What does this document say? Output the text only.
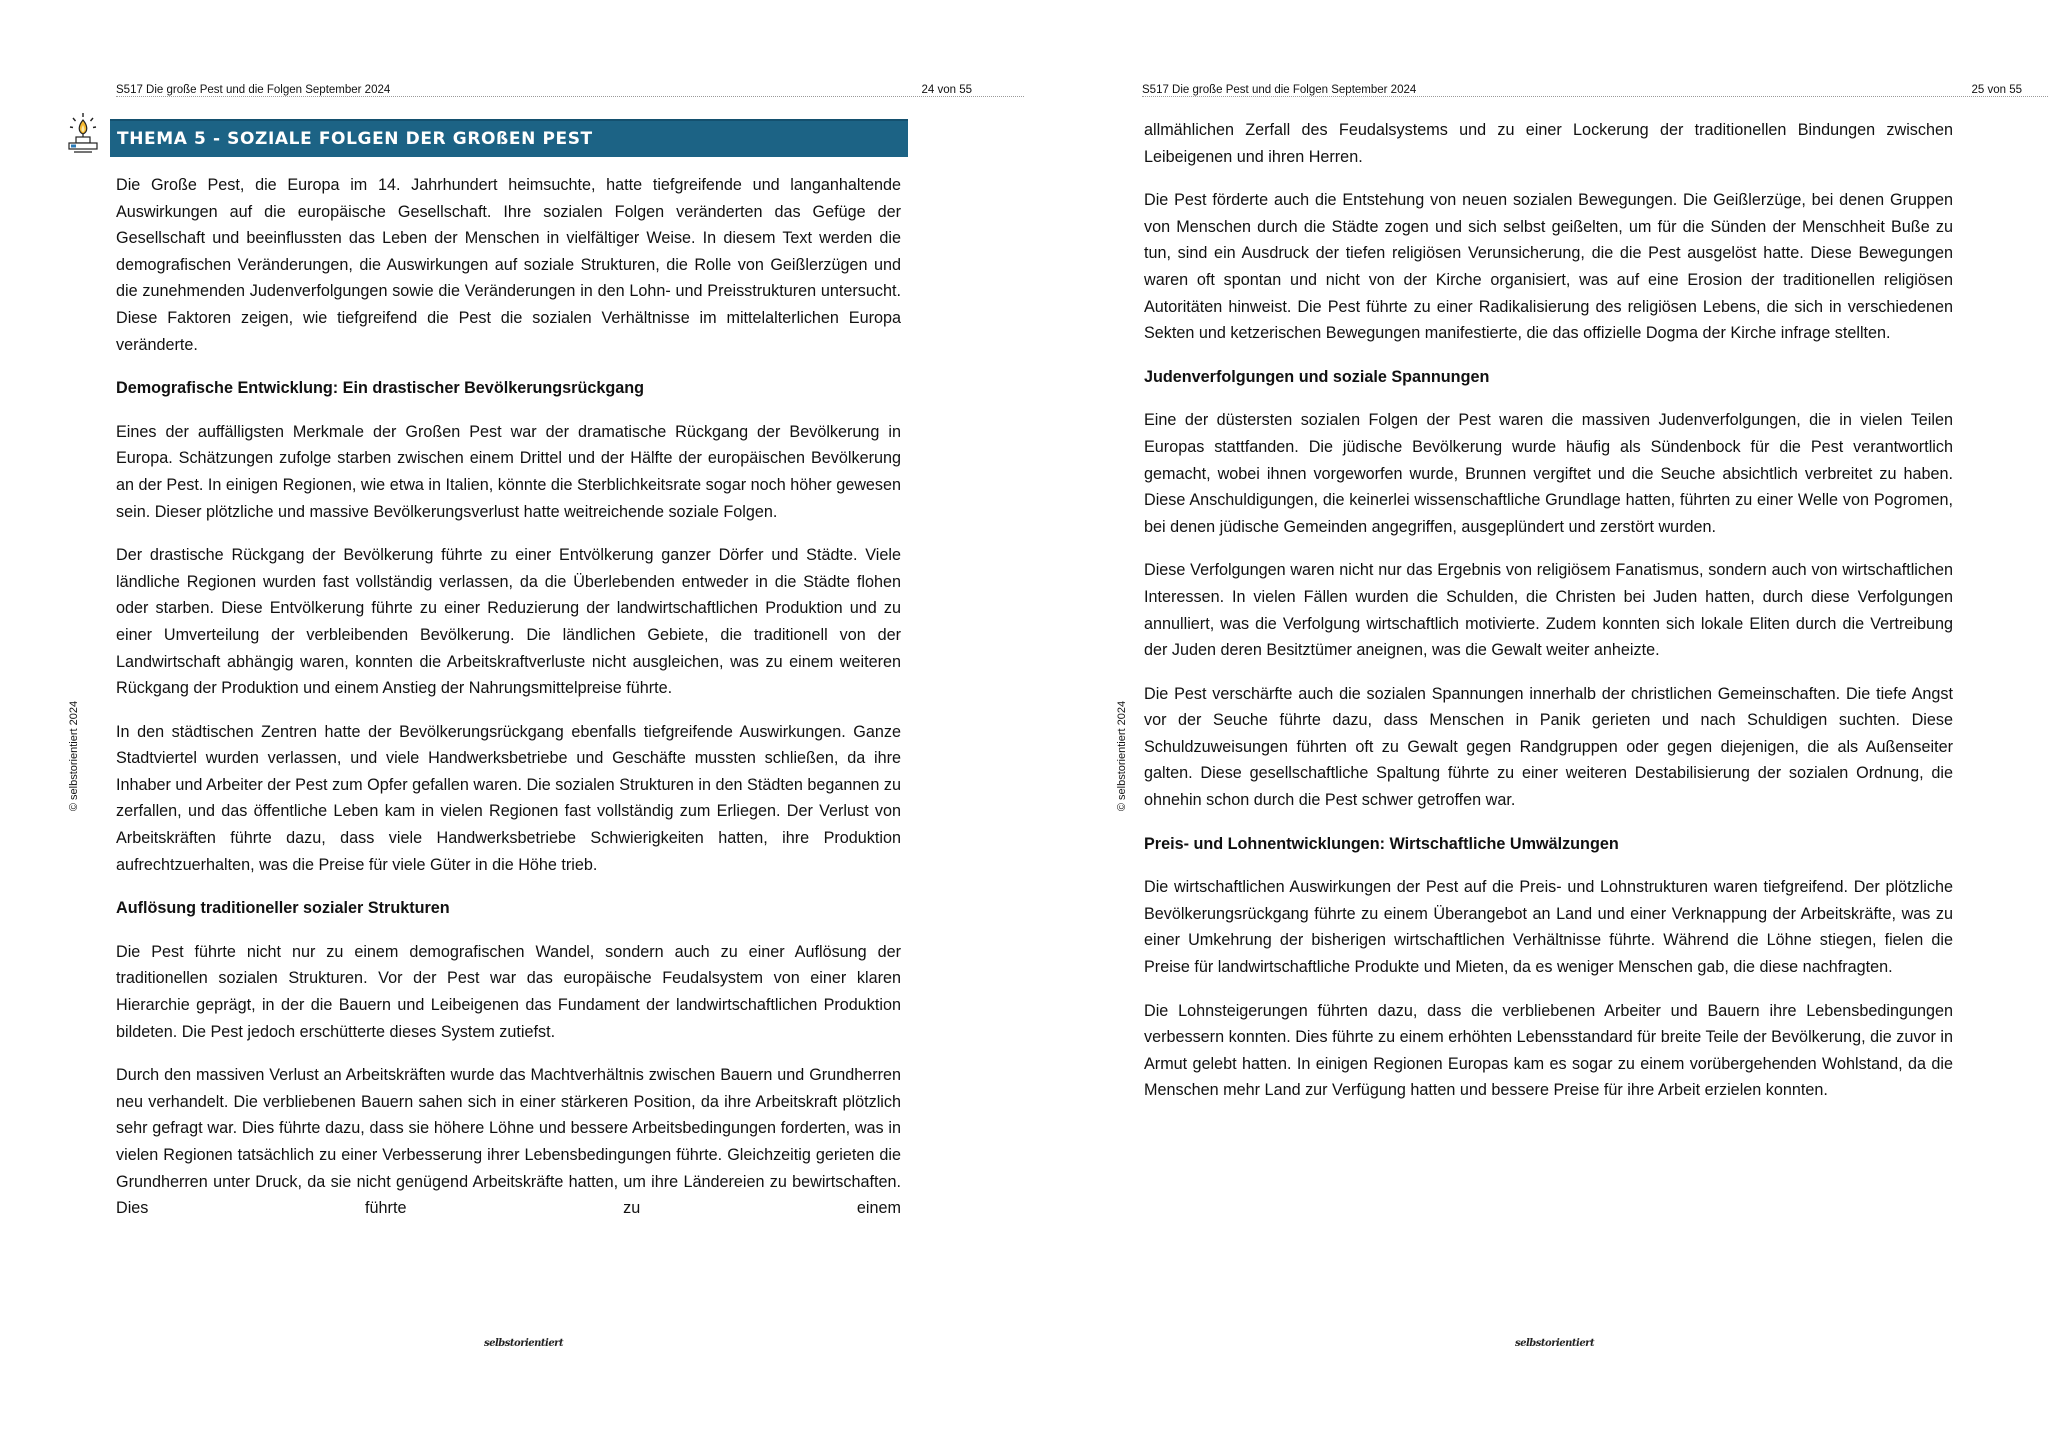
S517 Die große Pest und die Folgen September 2024	24 von 55
© selbstorientiert 2024
THEMA 5 - SOZIALE FOLGEN DER GROßEN PEST

Die Große Pest, die Europa im 14. Jahrhundert heimsuchte, hatte tiefgreifende und langanhaltende Auswirkungen auf die europäische Gesellschaft. Ihre sozialen Folgen veränderten das Gefüge der Gesellschaft und beeinflussten das Leben der Menschen in vielfältiger Weise. In diesem Text werden die demografischen Veränderungen, die Auswirkungen auf soziale Strukturen, die Rolle von Geißlerzügen und die zunehmenden Judenverfolgungen sowie die Veränderungen in den Lohn- und Preisstrukturen untersucht. Diese Faktoren zeigen, wie tiefgreifend die Pest die sozialen Verhältnisse im mittelalterlichen Europa veränderte.

Demografische Entwicklung: Ein drastischer Bevölkerungsrückgang

Eines der auffälligsten Merkmale der Großen Pest war der dramatische Rückgang der Bevölkerung in Europa. Schätzungen zufolge starben zwischen einem Drittel und der Hälfte der europäischen Bevölkerung an der Pest. In einigen Regionen, wie etwa in Italien, könnte die Sterblichkeitsrate sogar noch höher gewesen sein. Dieser plötzliche und massive Bevölkerungsverlust hatte weitreichende soziale Folgen.

Der drastische Rückgang der Bevölkerung führte zu einer Entvölkerung ganzer Dörfer und Städte. Viele ländliche Regionen wurden fast vollständig verlassen, da die Überlebenden entweder in die Städte flohen oder starben. Diese Entvölkerung führte zu einer Reduzierung der landwirtschaftlichen Produktion und zu einer Umverteilung der verbleibenden Bevölkerung. Die ländlichen Gebiete, die traditionell von der Landwirtschaft abhängig waren, konnten die Arbeitskraftverluste nicht ausgleichen, was zu einem weiteren Rückgang der Produktion und einem Anstieg der Nahrungsmittelpreise führte.

In den städtischen Zentren hatte der Bevölkerungsrückgang ebenfalls tiefgreifende Auswirkungen. Ganze Stadtviertel wurden verlassen, und viele Handwerksbetriebe und Geschäfte mussten schließen, da ihre Inhaber und Arbeiter der Pest zum Opfer gefallen waren. Die sozialen Strukturen in den Städten begannen zu zerfallen, und das öffentliche Leben kam in vielen Regionen fast vollständig zum Erliegen. Der Verlust von Arbeitskräften führte dazu, dass viele Handwerksbetriebe Schwierigkeiten hatten, ihre Produktion aufrechtzuerhalten, was die Preise für viele Güter in die Höhe trieb.

Auflösung traditioneller sozialer Strukturen

Die Pest führte nicht nur zu einem demografischen Wandel, sondern auch zu einer Auflösung der traditionellen sozialen Strukturen. Vor der Pest war das europäische Feudalsystem von einer klaren Hierarchie geprägt, in der die Bauern und Leibeigenen das Fundament der landwirtschaftlichen Produktion bildeten. Die Pest jedoch erschütterte dieses System zutiefst.

Durch den massiven Verlust an Arbeitskräften wurde das Machtverhältnis zwischen Bauern und Grundherren neu verhandelt. Die verbliebenen Bauern sahen sich in einer stärkeren Position, da ihre Arbeitskraft plötzlich sehr gefragt war. Dies führte dazu, dass sie höhere Löhne und bessere Arbeitsbedingungen forderten, was in vielen Regionen tatsächlich zu einer Verbesserung ihrer Lebensbedingungen führte. Gleichzeitig gerieten die Grundherren unter Druck, da sie nicht genügend Arbeitskräfte hatten, um ihre Ländereien zu bewirtschaften. Dies führte zu einem

selbstorientiert
S517 Die große Pest und die Folgen September 2024	25 von 55
© selbstorientiert 2024

allmählichen Zerfall des Feudalsystems und zu einer Lockerung der traditionellen Bindungen zwischen Leibeigenen und ihren Herren.

Die Pest förderte auch die Entstehung von neuen sozialen Bewegungen. Die Geißlerzüge, bei denen Gruppen von Menschen durch die Städte zogen und sich selbst geißelten, um für die Sünden der Menschheit Buße zu tun, sind ein Ausdruck der tiefen religiösen Verunsicherung, die die Pest ausgelöst hatte. Diese Bewegungen waren oft spontan und nicht von der Kirche organisiert, was auf eine Erosion der traditionellen religiösen Autoritäten hinweist. Die Pest führte zu einer Radikalisierung des religiösen Lebens, die sich in verschiedenen Sekten und ketzerischen Bewegungen manifestierte, die das offizielle Dogma der Kirche infrage stellten.

Judenverfolgungen und soziale Spannungen

Eine der düstersten sozialen Folgen der Pest waren die massiven Judenverfolgungen, die in vielen Teilen Europas stattfanden. Die jüdische Bevölkerung wurde häufig als Sündenbock für die Pest verantwortlich gemacht, wobei ihnen vorgeworfen wurde, Brunnen vergiftet und die Seuche absichtlich verbreitet zu haben. Diese Anschuldigungen, die keinerlei wissenschaftliche Grundlage hatten, führten zu einer Welle von Pogromen, bei denen jüdische Gemeinden angegriffen, ausgeplündert und zerstört wurden.

Diese Verfolgungen waren nicht nur das Ergebnis von religiösem Fanatismus, sondern auch von wirtschaftlichen Interessen. In vielen Fällen wurden die Schulden, die Christen bei Juden hatten, durch diese Verfolgungen annulliert, was die Verfolgung wirtschaftlich motivierte. Zudem konnten sich lokale Eliten durch die Vertreibung der Juden deren Besitztümer aneignen, was die Gewalt weiter anheizte.

Die Pest verschärfte auch die sozialen Spannungen innerhalb der christlichen Gemeinschaften. Die tiefe Angst vor der Seuche führte dazu, dass Menschen in Panik gerieten und nach Schuldigen suchten. Diese Schuldzuweisungen führten oft zu Gewalt gegen Randgruppen oder gegen diejenigen, die als Außenseiter galten. Diese gesellschaftliche Spaltung führte zu einer weiteren Destabilisierung der sozialen Ordnung, die ohnehin schon durch die Pest schwer getroffen war.

Preis- und Lohnentwicklungen: Wirtschaftliche Umwälzungen

Die wirtschaftlichen Auswirkungen der Pest auf die Preis- und Lohnstrukturen waren tiefgreifend. Der plötzliche Bevölkerungsrückgang führte zu einem Überangebot an Land und einer Verknappung der Arbeitskräfte, was zu einer Umkehrung der bisherigen wirtschaftlichen Verhältnisse führte. Während die Löhne stiegen, fielen die Preise für landwirtschaftliche Produkte und Mieten, da es weniger Menschen gab, die diese nachfragten.

Die Lohnsteigerungen führten dazu, dass die verbliebenen Arbeiter und Bauern ihre Lebensbedingungen verbessern konnten. Dies führte zu einem erhöhten Lebensstandard für breite Teile der Bevölkerung, die zuvor in Armut gelebt hatten. In einigen Regionen Europas kam es sogar zu einem vorübergehenden Wohlstand, da die Menschen mehr Land zur Verfügung hatten und bessere Preise für ihre Arbeit erzielen konnten.

selbstorientiert
